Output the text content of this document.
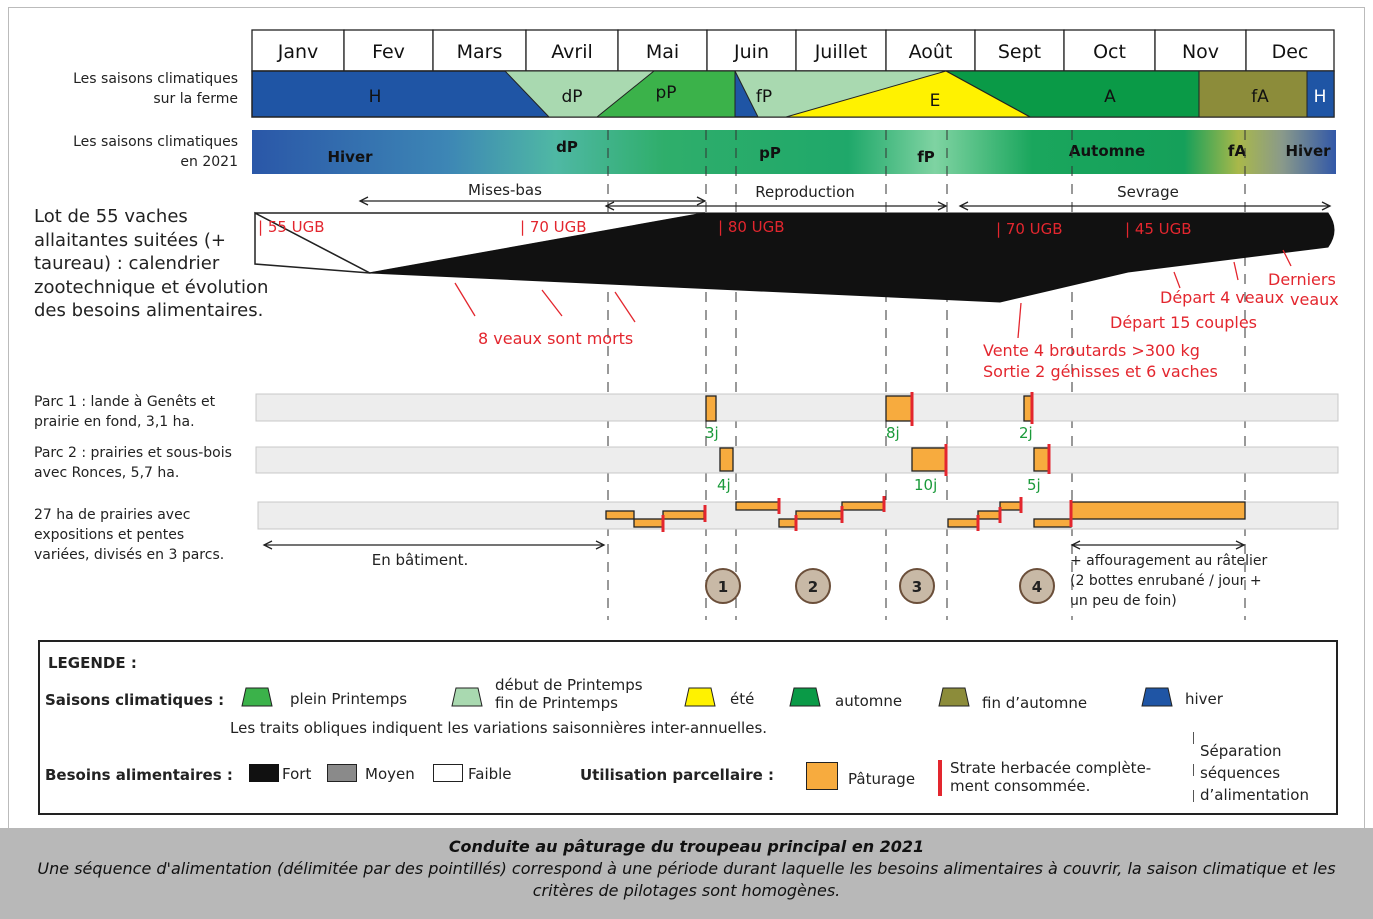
Janv	Fev	Mars	Avril	Mai	Juin Juillet Août Sept	Oct	Nov	Dec
H	dP	pP	fP	E	A	fA	H
Hiver
dP	pP	fP	Automne	fA	Hiver
Mises-bas	Reproduction	Sevrage
| 55 UGB	| 70 UGB	| 80 UGB	| 70 UGB	| 45 UGB
8 veaux sont morts
Vente 4 broutards >300 kg
Sortie 2 génisses et 6 vaches
Départ 15 couples
Départ 4 veaux
Derniers
veaux
3j	8j	2j
4j	10j	5j
En bâtiment.
1	2	3	4
Les saisons climatiques
sur la ferme
Les saisons climatiques
en 2021
Lot de 55 vaches
allaitantes suitées (+
taureau) : calendrier
zootechnique et évolution
des besoins alimentaires.
Parc 1 : lande à Genêts et
prairie en fond, 3,1 ha.
Parc 2 : prairies et sous-bois
avec Ronces, 5,7 ha.
27 ha de prairies avec
expositions et pentes
variées, divisés en 3 parcs.	+ affouragement au râtelier
(2 bottes enrubané / jour +
un peu de foin)
LEGENDE :
Saisons climatiques :	plein Printemps
début de Printemps
fin de Printemps	été	automne	fin d’automne	hiver
Les traits obliques indiquent les variations saisonnières inter-annuelles.
Besoins alimentaires :	Fort	Moyen	Faible	Utilisation parcellaire :	Pâturage
Strate herbacée complète-
ment consommée.
Séparation
séquences
d’alimentation
Conduite au pâturage du troupeau principal en 2021
Une séquence d'alimentation (délimitée par des pointillés) correspond à une période durant laquelle les besoins alimentaires à couvrir, la saison climatique et les critères de pilotages sont homogènes.
